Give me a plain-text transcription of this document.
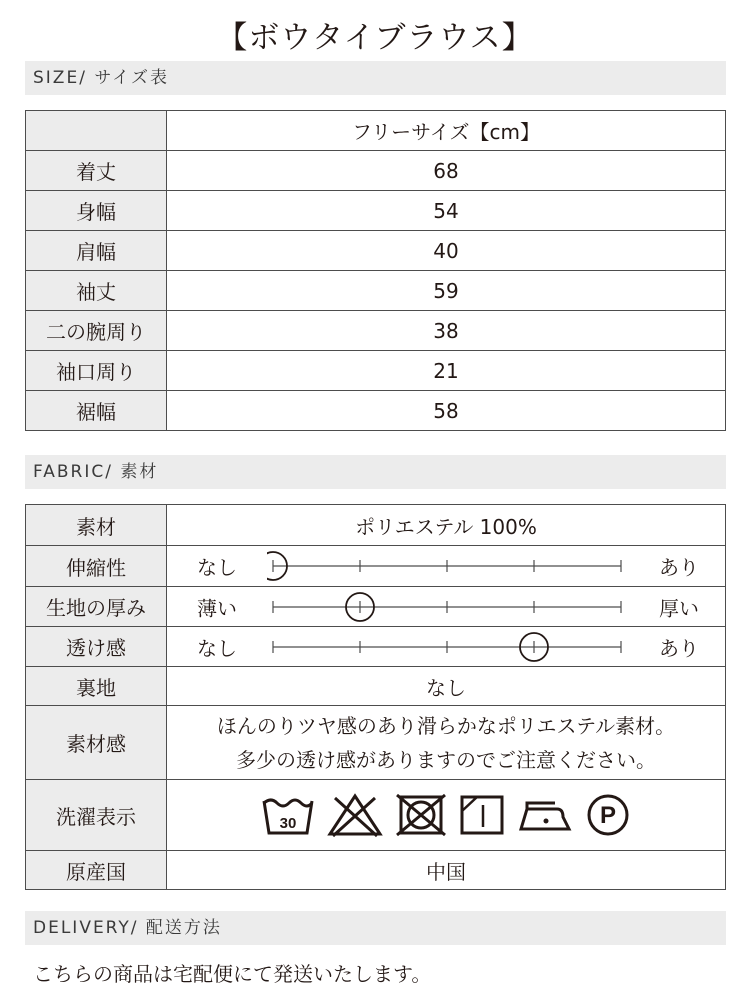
【ボウタイブラウス】
SIZE/ サイズ表
	フリーサイズ【cm】
着丈	68
身幅	54
肩幅	40
袖丈	59
二の腕周り	38
袖口周り	21
裾幅	58
FABRIC/ 素材
素材	ポリエステル 100%
伸縮性	なし あり

生地の厚み	薄い 厚い

透け感	なし あり

裏地	なし
素材感	ほんのりツヤ感のあり滑らかなポリエステル素材。
多少の透け感がありますのでご注意ください。

洗濯表示	30 P

原産国	中国
DELIVERY/ 配送方法
こちらの商品は宅配便にて発送いたします。
